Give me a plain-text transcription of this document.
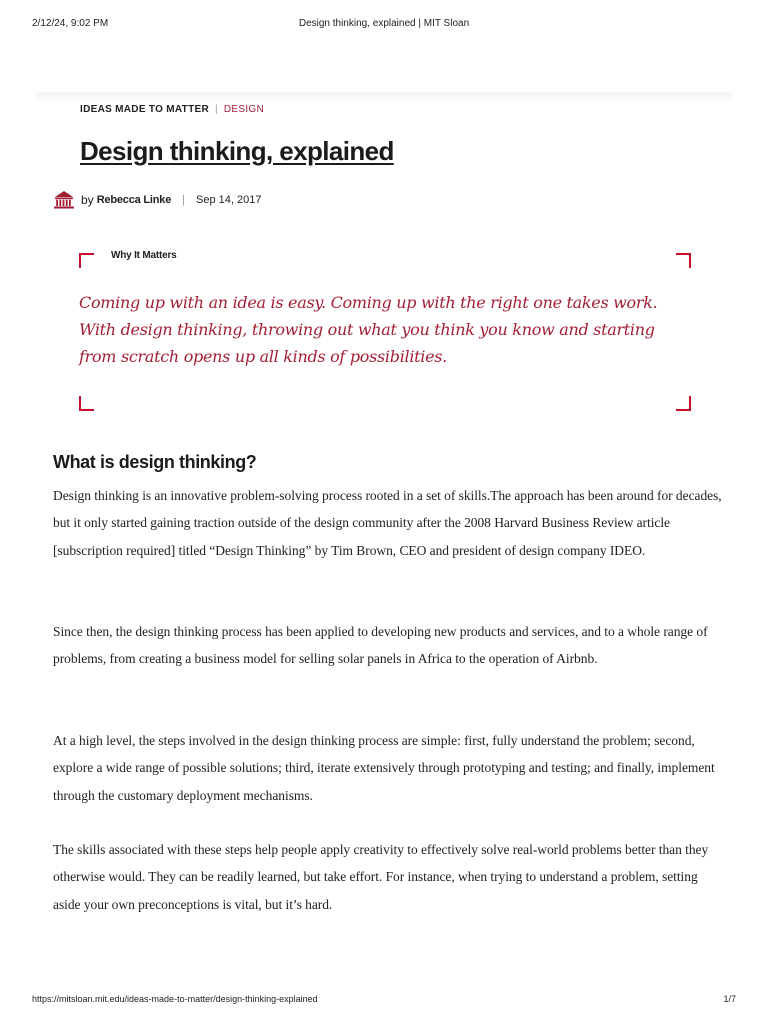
2/12/24, 9:02 PM	Design thinking, explained | MIT Sloan
IDEAS MADE TO MATTER | DESIGN
Design thinking, explained
by Rebecca Linke | Sep 14, 2017
Why It Matters

Coming up with an idea is easy. Coming up with the right one takes work. With design thinking, throwing out what you think you know and starting from scratch opens up all kinds of possibilities.

What is design thinking?

Design thinking is an innovative problem-solving process rooted in a set of skills.The approach has been around for decades, but it only started gaining traction outside of the design community after the 2008 Harvard Business Review article [subscription required] titled “Design Thinking” by Tim Brown, CEO and president of design company IDEO.

Since then, the design thinking process has been applied to developing new products and services, and to a whole range of problems, from creating a business model for selling solar panels in Africa to the operation of Airbnb.

At a high level, the steps involved in the design thinking process are simple: first, fully understand the problem; second, explore a wide range of possible solutions; third, iterate extensively through prototyping and testing; and finally, implement through the customary deployment mechanisms.

The skills associated with these steps help people apply creativity to effectively solve real-world problems better than they otherwise would. They can be readily learned, but take effort. For instance, when trying to understand a problem, setting aside your own preconceptions is vital, but it’s hard.

https://mitsloan.mit.edu/ideas-made-to-matter/design-thinking-explained	1/7
